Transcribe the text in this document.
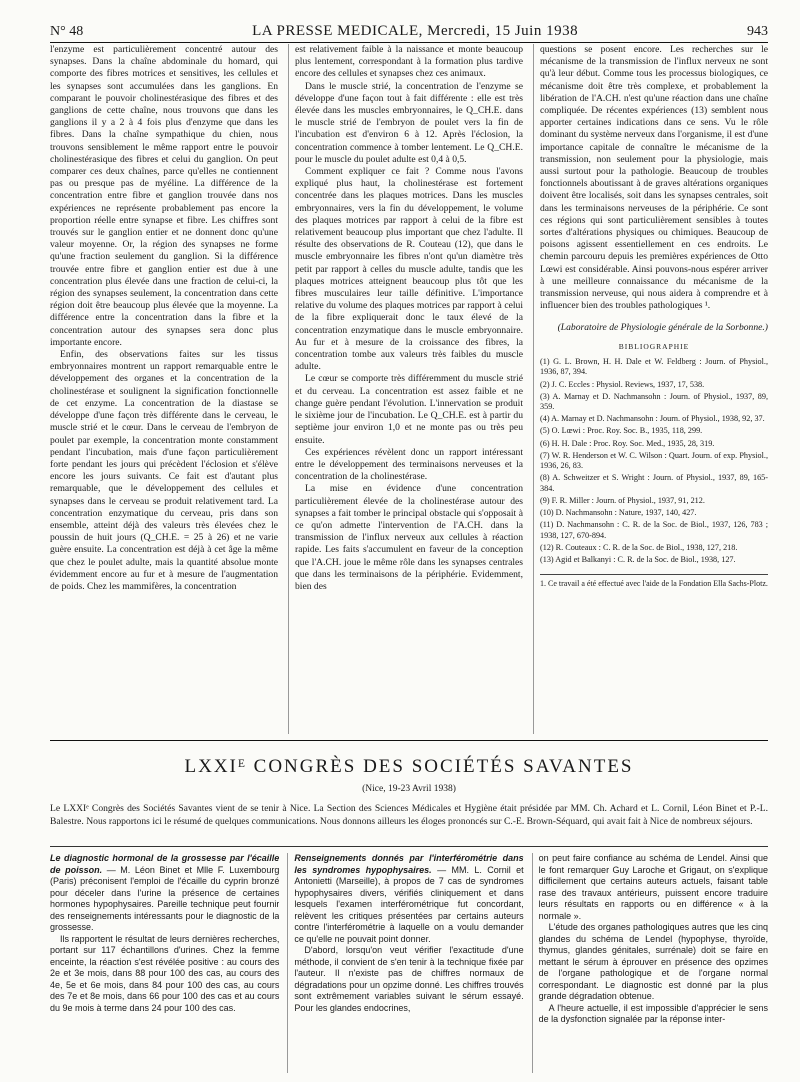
N° 48	LA PRESSE MEDICALE, Mercredi, 15 Juin 1938	943

l'enzyme est particulièrement concentré autour des synapses. Dans la chaîne abdominale du homard, qui comporte des fibres motrices et sensitives, les cellules et les synapses sont accumulées dans les ganglions. En comparant le pouvoir cholinestérasique des fibres et des ganglions de cette chaîne, nous trouvons que dans les ganglions il y a 2 à 4 fois plus d'enzyme que dans les fibres. Dans la chaîne sympathique du chien, nous trouvons sensiblement le même rapport entre le pouvoir cholinestérasique des fibres et celui du ganglion. On peut comparer ces deux chaînes, parce qu'elles ne contiennent pas ou presque pas de myéline. La différence de la concentration entre fibre et ganglion trouvée dans nos expériences ne représente probablement pas encore la proportion réelle entre synapse et fibre. Les chiffres sont trouvés sur le ganglion entier et ne donnent donc qu'une valeur moyenne. Or, la région des synapses ne forme qu'une fraction seulement du ganglion. Si la différence trouvée entre fibre et ganglion entier est due à une concentration plus élevée dans une fraction de celui-ci, la région des synapses seulement, la concentration dans cette région doit être beaucoup plus élevée que la moyenne. La différence entre la concentration dans la fibre et la concentration autour des synapses sera donc plus importante encore.

Enfin, des observations faites sur les tissus embryonnaires montrent un rapport remarquable entre le développement des organes et la concentration de la cholinestérase et soulignent la signification fonctionnelle de cet enzyme. La concentration de la diastase se développe d'une façon très différente dans le cerveau, le muscle strié et le cœur. Dans le cerveau de l'embryon de poulet par exemple, la concentration monte constamment pendant l'incubation, mais d'une façon particulièrement forte pendant les jours qui précèdent l'éclosion et s'élève encore les jours suivants. Ce fait est d'autant plus remarquable, que le développement des cellules et synapses dans le cerveau se produit relativement tard. La concentration enzymatique du cerveau, pris dans son ensemble, atteint déjà des valeurs très élevées chez le poussin de huit jours (Q_CH.E. = 25 à 26) et ne varie guère ensuite. La concentration est déjà à cet âge la même que chez le poulet adulte, mais la quantité absolue monte évidemment encore au fur et à mesure de l'augmentation de poids. Chez les mammifères, la concentration

est relativement faible à la naissance et monte beaucoup plus lentement, correspondant à la formation plus tardive encore des cellules et synapses chez ces animaux.

Dans le muscle strié, la concentration de l'enzyme se développe d'une façon tout à fait différente : elle est très élevée dans les muscles embryonnaires, le Q_CH.E. dans le muscle strié de l'embryon de poulet vers la fin de l'incubation est d'environ 6 à 12. Après l'éclosion, la concentration commence à tomber lentement. Le Q_CH.E. pour le muscle du poulet adulte est 0,4 à 0,5.

Comment expliquer ce fait ? Comme nous l'avons expliqué plus haut, la cholinestérase est fortement concentrée dans les plaques motrices. Dans les muscles embryonnaires, vers la fin du développement, le volume des plaques motrices par rapport à celui de la fibre est relativement beaucoup plus important que chez l'adulte. Il résulte des observations de R. Couteau (12), que dans le muscle embryonnaire les fibres n'ont qu'un diamètre très petit par rapport à celles du muscle adulte, tandis que les plaques motrices atteignent beaucoup plus tôt que les fibres musculaires leur taille définitive. L'importance relative du volume des plaques motrices par rapport à celui de la fibre expliquerait donc le taux élevé de la concentration enzymatique dans le muscle embryonnaire. Au fur et à mesure de la croissance des fibres, la concentration tombe aux valeurs très faibles du muscle adulte.

Le cœur se comporte très différemment du muscle strié et du cerveau. La concentration est assez faible et ne change guère pendant l'évolution. L'innervation se produit le sixième jour de l'incubation. Le Q_CH.E. est à partir du septième jour environ 1,0 et ne monte pas ou très peu ensuite.

Ces expériences révèlent donc un rapport intéressant entre le développement des terminaisons nerveuses et la concentration de la cholinestérase.

La mise en évidence d'une concentration particulièrement élevée de la cholinestérase autour des synapses a fait tomber le principal obstacle qui s'opposait à ce qu'on admette l'intervention de l'A.CH. dans la transmission de l'influx nerveux aux cellules à réaction rapide. Les faits s'accumulent en faveur de la conception que l'A.CH. joue le même rôle dans les synapses centrales que dans les terminaisons de la périphérie. Evidemment, bien des

questions se posent encore. Les recherches sur le mécanisme de la transmission de l'influx nerveux ne sont qu'à leur début. Comme tous les processus biologiques, ce mécanisme doit être très complexe, et probablement la libération de l'A.CH. n'est qu'une réaction dans une chaîne compliquée. De récentes expériences (13) semblent nous apporter certaines indications dans ce sens. Vu le rôle dominant du système nerveux dans l'organisme, il est d'une importance capitale de connaître le mécanisme de la transmission, non seulement pour la physiologie, mais aussi surtout pour la pathologie. Beaucoup de troubles fonctionnels aboutissant à de graves altérations organiques doivent être localisés, soit dans les synapses centrales, soit dans les terminaisons nerveuses de la périphérie. Ce sont ces régions qui sont particulièrement sensibles à toutes sortes d'altérations physiques ou chimiques. Beaucoup de poisons agissent essentiellement en ces endroits. Le chemin parcouru depuis les premières expériences de Otto Lœwi est considérable. Ainsi pouvons-nous espérer arriver à une meilleure connaissance du mécanisme de la transmission nerveuse, qui nous aidera à comprendre et à influencer bien des troubles pathologiques ¹.

(Laboratoire de Physiologie générale de la Sorbonne.)
BIBLIOGRAPHIE
(1) G. L. Brown, H. H. Dale et W. Feldberg : Journ. of Physiol., 1936, 87, 394.
(2) J. C. Eccles : Physiol. Reviews, 1937, 17, 538.
(3) A. Marnay et D. Nachmansohn : Journ. of Physiol., 1937, 89, 359.
(4) A. Marnay et D. Nachmansohn : Journ. of Physiol., 1938, 92, 37.
(5) O. Lœwi : Proc. Roy. Soc. B., 1935, 118, 299.
(6) H. H. Dale : Proc. Roy. Soc. Med., 1935, 28, 319.
(7) W. R. Henderson et W. C. Wilson : Quart. Journ. of exp. Physiol., 1936, 26, 83.
(8) A. Schweitzer et S. Wright : Journ. of Physiol., 1937, 89, 165-384.
(9) F. R. Miller : Journ. of Physiol., 1937, 91, 212.
(10) D. Nachmansohn : Nature, 1937, 140, 427.
(11) D. Nachmansohn : C. R. de la Soc. de Biol., 1937, 126, 783 ; 1938, 127, 670-894.
(12) R. Couteaux : C. R. de la Soc. de Biol., 1938, 127, 218.
(13) Agid et Balkanyi : C. R. de la Soc. de Biol., 1938, 127.
1. Ce travail a été effectué avec l'aide de la Fondation Ella Sachs-Plotz.
LXXIᴱ CONGRÈS DES SOCIÉTÉS SAVANTES
(Nice, 19-23 Avril 1938)
Le LXXIᵉ Congrès des Sociétés Savantes vient de se tenir à Nice. La Section des Sciences Médicales et Hygiène était présidée par MM. Ch. Achard et L. Cornil, Léon Binet et P.-L. Balestre. Nous rapportons ici le résumé de quelques communications. Nous donnons ailleurs les éloges prononcés sur C.-E. Brown-Séquard, qui avait fait à Nice de nombreux séjours.

Le diagnostic hormonal de la grossesse par l'écaille de poisson. — M. Léon Binet et Mlle F. Luxembourg (Paris) préconisent l'emploi de l'écaille du cyprin bronzé pour déceler dans l'urine la présence de certaines hormones hypophysaires. Pareille technique peut fournir des renseignements intéressants pour le diagnostic de la grossesse.

Ils rapportent le résultat de leurs dernières recherches, portant sur 117 échantillons d'urines. Chez la femme enceinte, la réaction s'est révélée positive : au cours des 2e et 3e mois, dans 88 pour 100 des cas, au cours des 4e, 5e et 6e mois, dans 84 pour 100 des cas, au cours des 7e et 8e mois, dans 66 pour 100 des cas et au cours du 9e mois à terme dans 24 pour 100 des cas.

Renseignements donnés par l'interférométrie dans les syndromes hypophysaires. — MM. L. Cornil et Antonietti (Marseille), à propos de 7 cas de syndromes hypophysaires divers, vérifiés cliniquement et dans lesquels l'examen interférométrique fut concordant, relèvent les critiques présentées par certains auteurs contre l'interférométrie à laquelle on a voulu demander ce qu'elle ne pouvait point donner.

D'abord, lorsqu'on veut vérifier l'exactitude d'une méthode, il convient de s'en tenir à la technique fixée par l'auteur. Il n'existe pas de chiffres normaux de dégradations pour un opzime donné. Les chiffres trouvés sont extrêmement variables suivant le sérum essayé. Pour les glandes endocrines,

on peut faire confiance au schéma de Lendel. Ainsi que le font remarquer Guy Laroche et Grigaut, on s'explique difficilement que certains auteurs actuels, faisant table rase des travaux antérieurs, puissent encore traduire leurs résultats en rapports ou en différence « à la normale ».

L'étude des organes pathologiques autres que les cinq glandes du schéma de Lendel (hypophyse, thyroïde, thymus, glandes génitales, surrénale) doit se faire en mettant le sérum à éprouver en présence des opzimes de l'organe pathologique et de l'organe normal correspondant. Le diagnostic est donné par la plus grande dégradation obtenue.

A l'heure actuelle, il est impossible d'apprécier le sens de la dysfonction signalée par la réponse inter-
